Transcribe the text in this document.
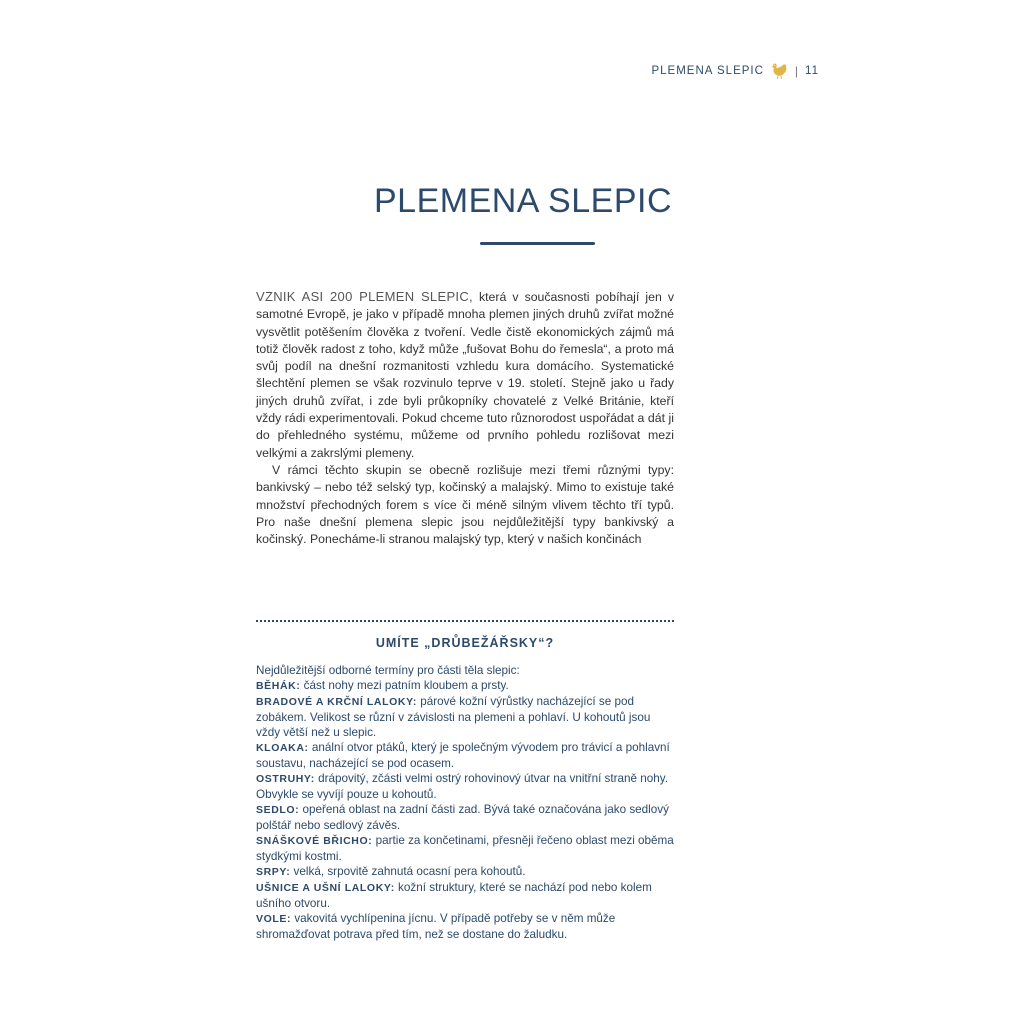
PLEMENA SLEPIC	| 11
PLEMENA SLEPIC

VZNIK ASI 200 PLEMEN SLEPIC, která v současnosti pobíhají jen v samotné Evropě, je jako v případě mnoha plemen jiných druhů zvířat možné vysvětlit potěšením člověka z tvoření. Vedle čistě ekonomických zájmů má totiž člověk radost z toho, když může „fušovat Bohu do řemesla“, a proto má svůj podíl na dnešní rozmanitosti vzhledu kura domácího. Systematické šlechtění plemen se však rozvinulo teprve v 19. století. Stejně jako u řady jiných druhů zvířat, i zde byli průkopníky chovatelé z Velké Británie, kteří vždy rádi experimentovali. Pokud chceme tuto různorodost uspořádat a dát ji do přehledného systému, můžeme od prvního pohledu rozlišovat mezi velkými a zakrslými plemeny.

V rámci těchto skupin se obecně rozlišuje mezi třemi různými typy: bankivský – nebo též selský typ, kočinský a malajský. Mimo to existuje také množství přechodných forem s více či méně silným vlivem těchto tří typů. Pro naše dnešní plemena slepic jsou nejdůležitější typy bankivský a kočinský. Ponecháme-li stranou malajský typ, který v našich končinách

UMÍTE „DRŮBEŽÁŘSKY“?

Nejdůležitější odborné termíny pro části těla slepic:

BĚHÁK: část nohy mezi patním kloubem a prsty.

BRADOVÉ A KRČNÍ LALOKY: párové kožní výrůstky nacházející se pod zobákem. Velikost se různí v závislosti na plemeni a pohlaví. U kohoutů jsou vždy větší než u slepic.

KLOAKA: anální otvor ptáků, který je společným vývodem pro trávicí a pohlavní soustavu, nacházející se pod ocasem.

OSTRUHY: drápovitý, zčásti velmi ostrý rohovinový útvar na vnitřní straně nohy. Obvykle se vyvíjí pouze u kohoutů.

SEDLO: opeřená oblast na zadní části zad. Bývá také označována jako sedlový polštář nebo sedlový závěs.

SNÁŠKOVÉ BŘICHO: partie za končetinami, přesněji řečeno oblast mezi oběma stydkými kostmi.

SRPY: velká, srpovitě zahnutá ocasní pera kohoutů.

UŠNICE A UŠNÍ LALOKY: kožní struktury, které se nachází pod nebo kolem ušního otvoru.

VOLE: vakovitá vychlípenina jícnu. V případě potřeby se v něm může shromažďovat potrava před tím, než se dostane do žaludku.
